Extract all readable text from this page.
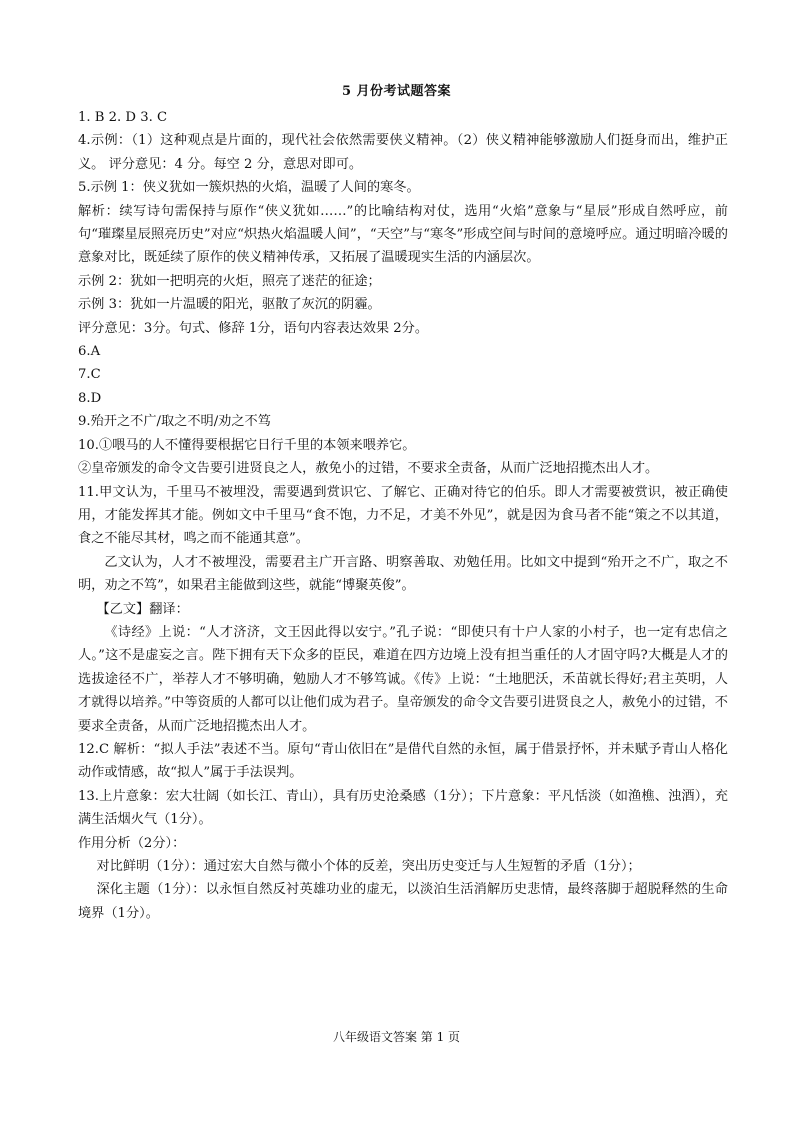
5 月份考试题答案

1. B 2. D 3. C

4.示例：（1）这种观点是片面的，现代社会依然需要侠义精神。（2）侠义精神能够激励人们挺身而出，维护正义。 评分意见：4 分。每空 2 分，意思对即可。

5.示例 1：侠义犹如一簇炽热的火焰，温暖了人间的寒冬。

解析：续写诗句需保持与原作“侠义犹如……”的比喻结构对仗，选用“火焰”意象与“星辰”形成自然呼应，前句“璀璨星辰照亮历史”对应“炽热火焰温暖人间”，“天空”与“寒冬”形成空间与时间的意境呼应。通过明暗冷暖的意象对比，既延续了原作的侠义精神传承，又拓展了温暖现实生活的内涵层次。

示例 2：犹如一把明亮的火炬，照亮了迷茫的征途；

示例 3：犹如一片温暖的阳光，驱散了灰沉的阴霾。

评分意见：3分。句式、修辞 1分，语句内容表达效果 2分。

6.A

7.C

8.D

9.殆开之不广/取之不明/劝之不笃

10.①喂马的人不懂得要根据它日行千里的本领来喂养它。

②皇帝颁发的命令文告要引进贤良之人，赦免小的过错，不要求全责备，从而广泛地招揽杰出人才。

11.甲文认为，千里马不被埋没，需要遇到赏识它、了解它、正确对待它的伯乐。即人才需要被赏识，被正确使用，才能发挥其才能。例如文中千里马“食不饱，力不足，才美不外见”，就是因为食马者不能“策之不以其道，食之不能尽其材，鸣之而不能通其意”。

乙文认为，人才不被埋没，需要君主广开言路、明察善取、劝勉任用。比如文中提到“殆开之不广，取之不明，劝之不笃”，如果君主能做到这些，就能“博聚英俊”。

【乙文】翻译：

《诗经》上说：“人才济济，文王因此得以安宁。”孔子说：“即使只有十户人家的小村子，也一定有忠信之人。”这不是虚妄之言。陛下拥有天下众多的臣民，难道在四方边境上没有担当重任的人才固守吗?大概是人才的选拔途径不广，举荐人才不够明确，勉励人才不够笃诚。《传》上说：“土地肥沃，禾苗就长得好;君主英明，人才就得以培养。”中等资质的人都可以让他们成为君子。皇帝颁发的命令文告要引进贤良之人，赦免小的过错，不要求全责备，从而广泛地招揽杰出人才。

12.C 解析：“拟人手法”表述不当。原句“青山依旧在”是借代自然的永恒，属于借景抒怀，并未赋予青山人格化动作或情感，故“拟人”属于手法误判。

13.上片意象：宏大壮阔（如长江、青山），具有历史沧桑感（1分）；下片意象：平凡恬淡（如渔樵、浊酒），充满生活烟火气（1分）。

作用分析（2分）：

对比鲜明（1分）：通过宏大自然与微小个体的反差，突出历史变迁与人生短暂的矛盾（1分）；

深化主题（1分）：以永恒自然反衬英雄功业的虚无，以淡泊生活消解历史悲情，最终落脚于超脱释然的生命境界（1分）。

八年级语文答案 第 1 页
